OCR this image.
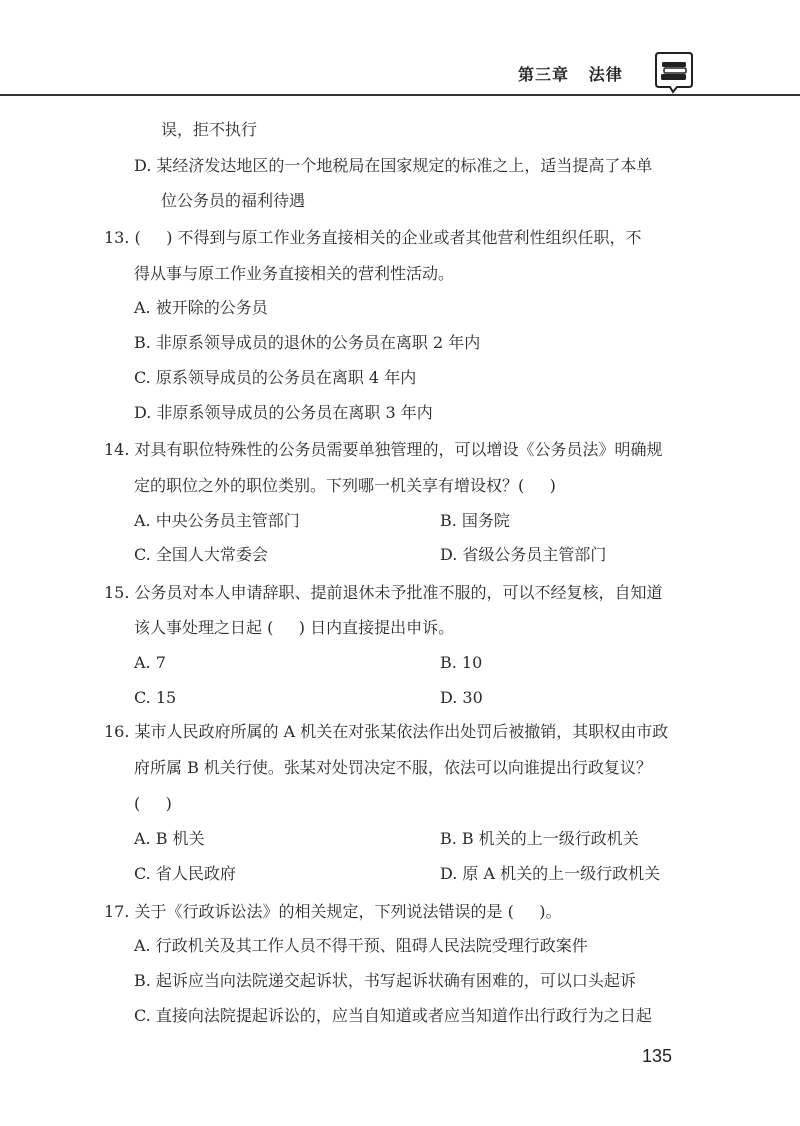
第三章   法律
误，拒不执行
D. 某经济发达地区的一个地税局在国家规定的标准之上，适当提高了本单
位公务员的福利待遇
13. (     ) 不得到与原工作业务直接相关的企业或者其他营利性组织任职，不
得从事与原工作业务直接相关的营利性活动。
A. 被开除的公务员
B. 非原系领导成员的退休的公务员在离职 2 年内
C. 原系领导成员的公务员在离职 4 年内
D. 非原系领导成员的公务员在离职 3 年内
14. 对具有职位特殊性的公务员需要单独管理的，可以增设《公务员法》明确规
定的职位之外的职位类别。下列哪一机关享有增设权？(     )
A. 中央公务员主管部门	B. 国务院
C. 全国人大常委会	D. 省级公务员主管部门
15. 公务员对本人申请辞职、提前退休未予批准不服的，可以不经复核，自知道
该人事处理之日起 (     ) 日内直接提出申诉。
A. 7	B. 10
C. 15	D. 30
16. 某市人民政府所属的 A 机关在对张某依法作出处罚后被撤销，其职权由市政
府所属 B 机关行使。张某对处罚决定不服，依法可以向谁提出行政复议？
(     )
A. B 机关	B. B 机关的上一级行政机关
C. 省人民政府	D. 原 A 机关的上一级行政机关
17. 关于《行政诉讼法》的相关规定，下列说法错误的是 (     )。
A. 行政机关及其工作人员不得干预、阻碍人民法院受理行政案件
B. 起诉应当向法院递交起诉状，书写起诉状确有困难的，可以口头起诉
C. 直接向法院提起诉讼的，应当自知道或者应当知道作出行政行为之日起
135
